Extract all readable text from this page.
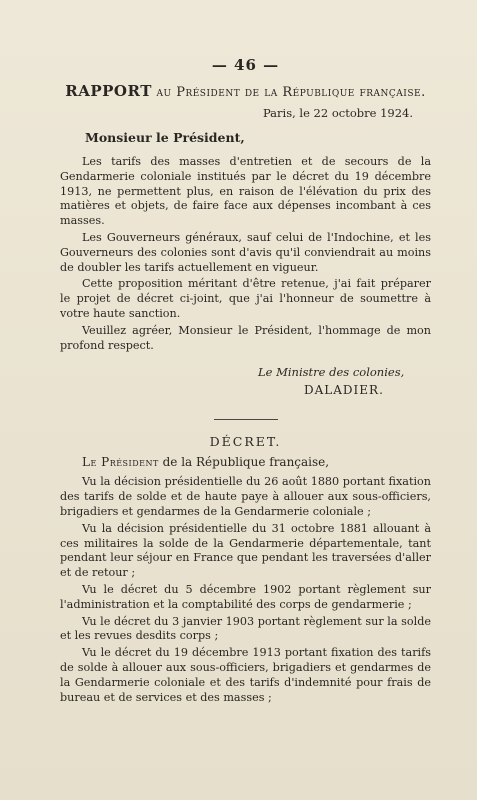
— 46 —
RAPPORT au Président de la République française.
Paris, le 22 octobre 1924.
Monsieur le Président,

Les tarifs des masses d'entretien et de secours de la Gendarmerie coloniale institués par le décret du 19 décembre 1913, ne permettent plus, en raison de l'élévation du prix des matières et objets, de faire face aux dépenses incombant à ces masses.

Les Gouverneurs généraux, sauf celui de l'Indochine, et les Gouverneurs des colonies sont d'avis qu'il conviendrait au moins de doubler les tarifs actuellement en vigueur.

Cette proposition méritant d'être retenue, j'ai fait préparer le projet de décret ci-joint, que j'ai l'honneur de soumettre à votre haute sanction.

Veuillez agréer, Monsieur le Président, l'hommage de mon profond respect.

Le Ministre des colonies,
DALADIER.
DÉCRET.
Le Président de la République française,

Vu la décision présidentielle du 26 août 1880 portant fixation des tarifs de solde et de haute paye à allouer aux sous-officiers, brigadiers et gendarmes de la Gendarmerie coloniale ;

Vu la décision présidentielle du 31 octobre 1881 allouant à ces militaires la solde de la Gendarmerie départementale, tant pendant leur séjour en France que pendant les traversées d'aller et de retour ;

Vu le décret du 5 décembre 1902 portant règlement sur l'administration et la comptabilité des corps de gendarmerie ;

Vu le décret du 3 janvier 1903 portant règlement sur la solde et les revues desdits corps ;

Vu le décret du 19 décembre 1913 portant fixation des tarifs de solde à allouer aux sous-officiers, brigadiers et gendarmes de la Gendarmerie coloniale et des tarifs d'indemnité pour frais de bureau et de services et des masses ;
